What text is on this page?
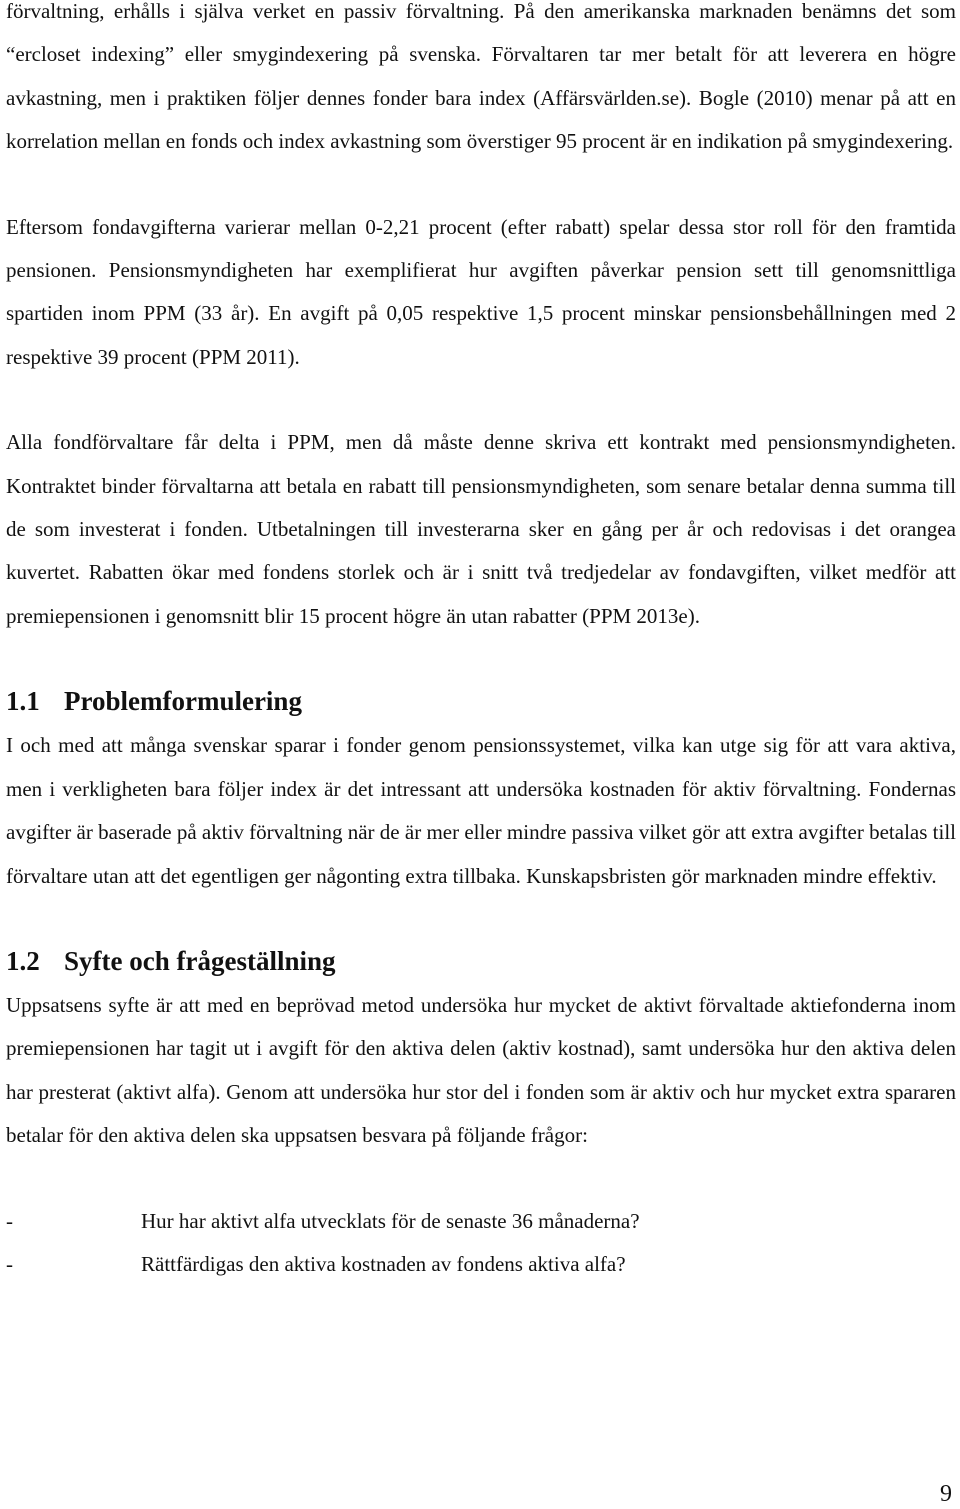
förvaltning, erhålls i själva verket en passiv förvaltning. På den amerikanska marknaden benämns det som “ercloset indexing” eller smygindexering på svenska. Förvaltaren tar mer betalt för att leverera en högre avkastning, men i praktiken följer dennes fonder bara index (Affärsvärlden.se). Bogle (2010) menar på att en korrelation mellan en fonds och index avkastning som överstiger 95 procent är en indikation på smygindexering.

Eftersom fondavgifterna varierar mellan 0-2,21 procent (efter rabatt) spelar dessa stor roll för den framtida pensionen. Pensionsmyndigheten har exemplifierat hur avgiften påverkar pension sett till genomsnittliga spartiden inom PPM (33 år). En avgift på 0,05 respektive 1,5 procent minskar pensionsbehållningen med 2 respektive 39 procent (PPM 2011).

Alla fondförvaltare får delta i PPM, men då måste denne skriva ett kontrakt med pensionsmyndigheten. Kontraktet binder förvaltarna att betala en rabatt till pensionsmyndigheten, som senare betalar denna summa till de som investerat i fonden. Utbetalningen till investerarna sker en gång per år och redovisas i det orangea kuvertet. Rabatten ökar med fondens storlek och är i snitt två tredjedelar av fondavgiften, vilket medför att premiepensionen i genomsnitt blir 15 procent högre än utan rabatter (PPM 2013e).

1.1 Problemformulering

I och med att många svenskar sparar i fonder genom pensionssystemet, vilka kan utge sig för att vara aktiva, men i verkligheten bara följer index är det intressant att undersöka kostnaden för aktiv förvaltning. Fondernas avgifter är baserade på aktiv förvaltning när de är mer eller mindre passiva vilket gör att extra avgifter betalas till förvaltare utan att det egentligen ger någonting extra tillbaka. Kunskapsbristen gör marknaden mindre effektiv.

1.2 Syfte och frågeställning

Uppsatsens syfte är att med en beprövad metod undersöka hur mycket de aktivt förvaltade aktiefonderna inom premiepensionen har tagit ut i avgift för den aktiva delen (aktiv kostnad), samt undersöka hur den aktiva delen har presterat (aktivt alfa). Genom att undersöka hur stor del i fonden som är aktiv och hur mycket extra spararen betalar för den aktiva delen ska uppsatsen besvara på följande frågor:

-	Hur har aktivt alfa utvecklats för de senaste 36 månaderna?
-	Rättfärdigas den aktiva kostnaden av fondens aktiva alfa?
9
